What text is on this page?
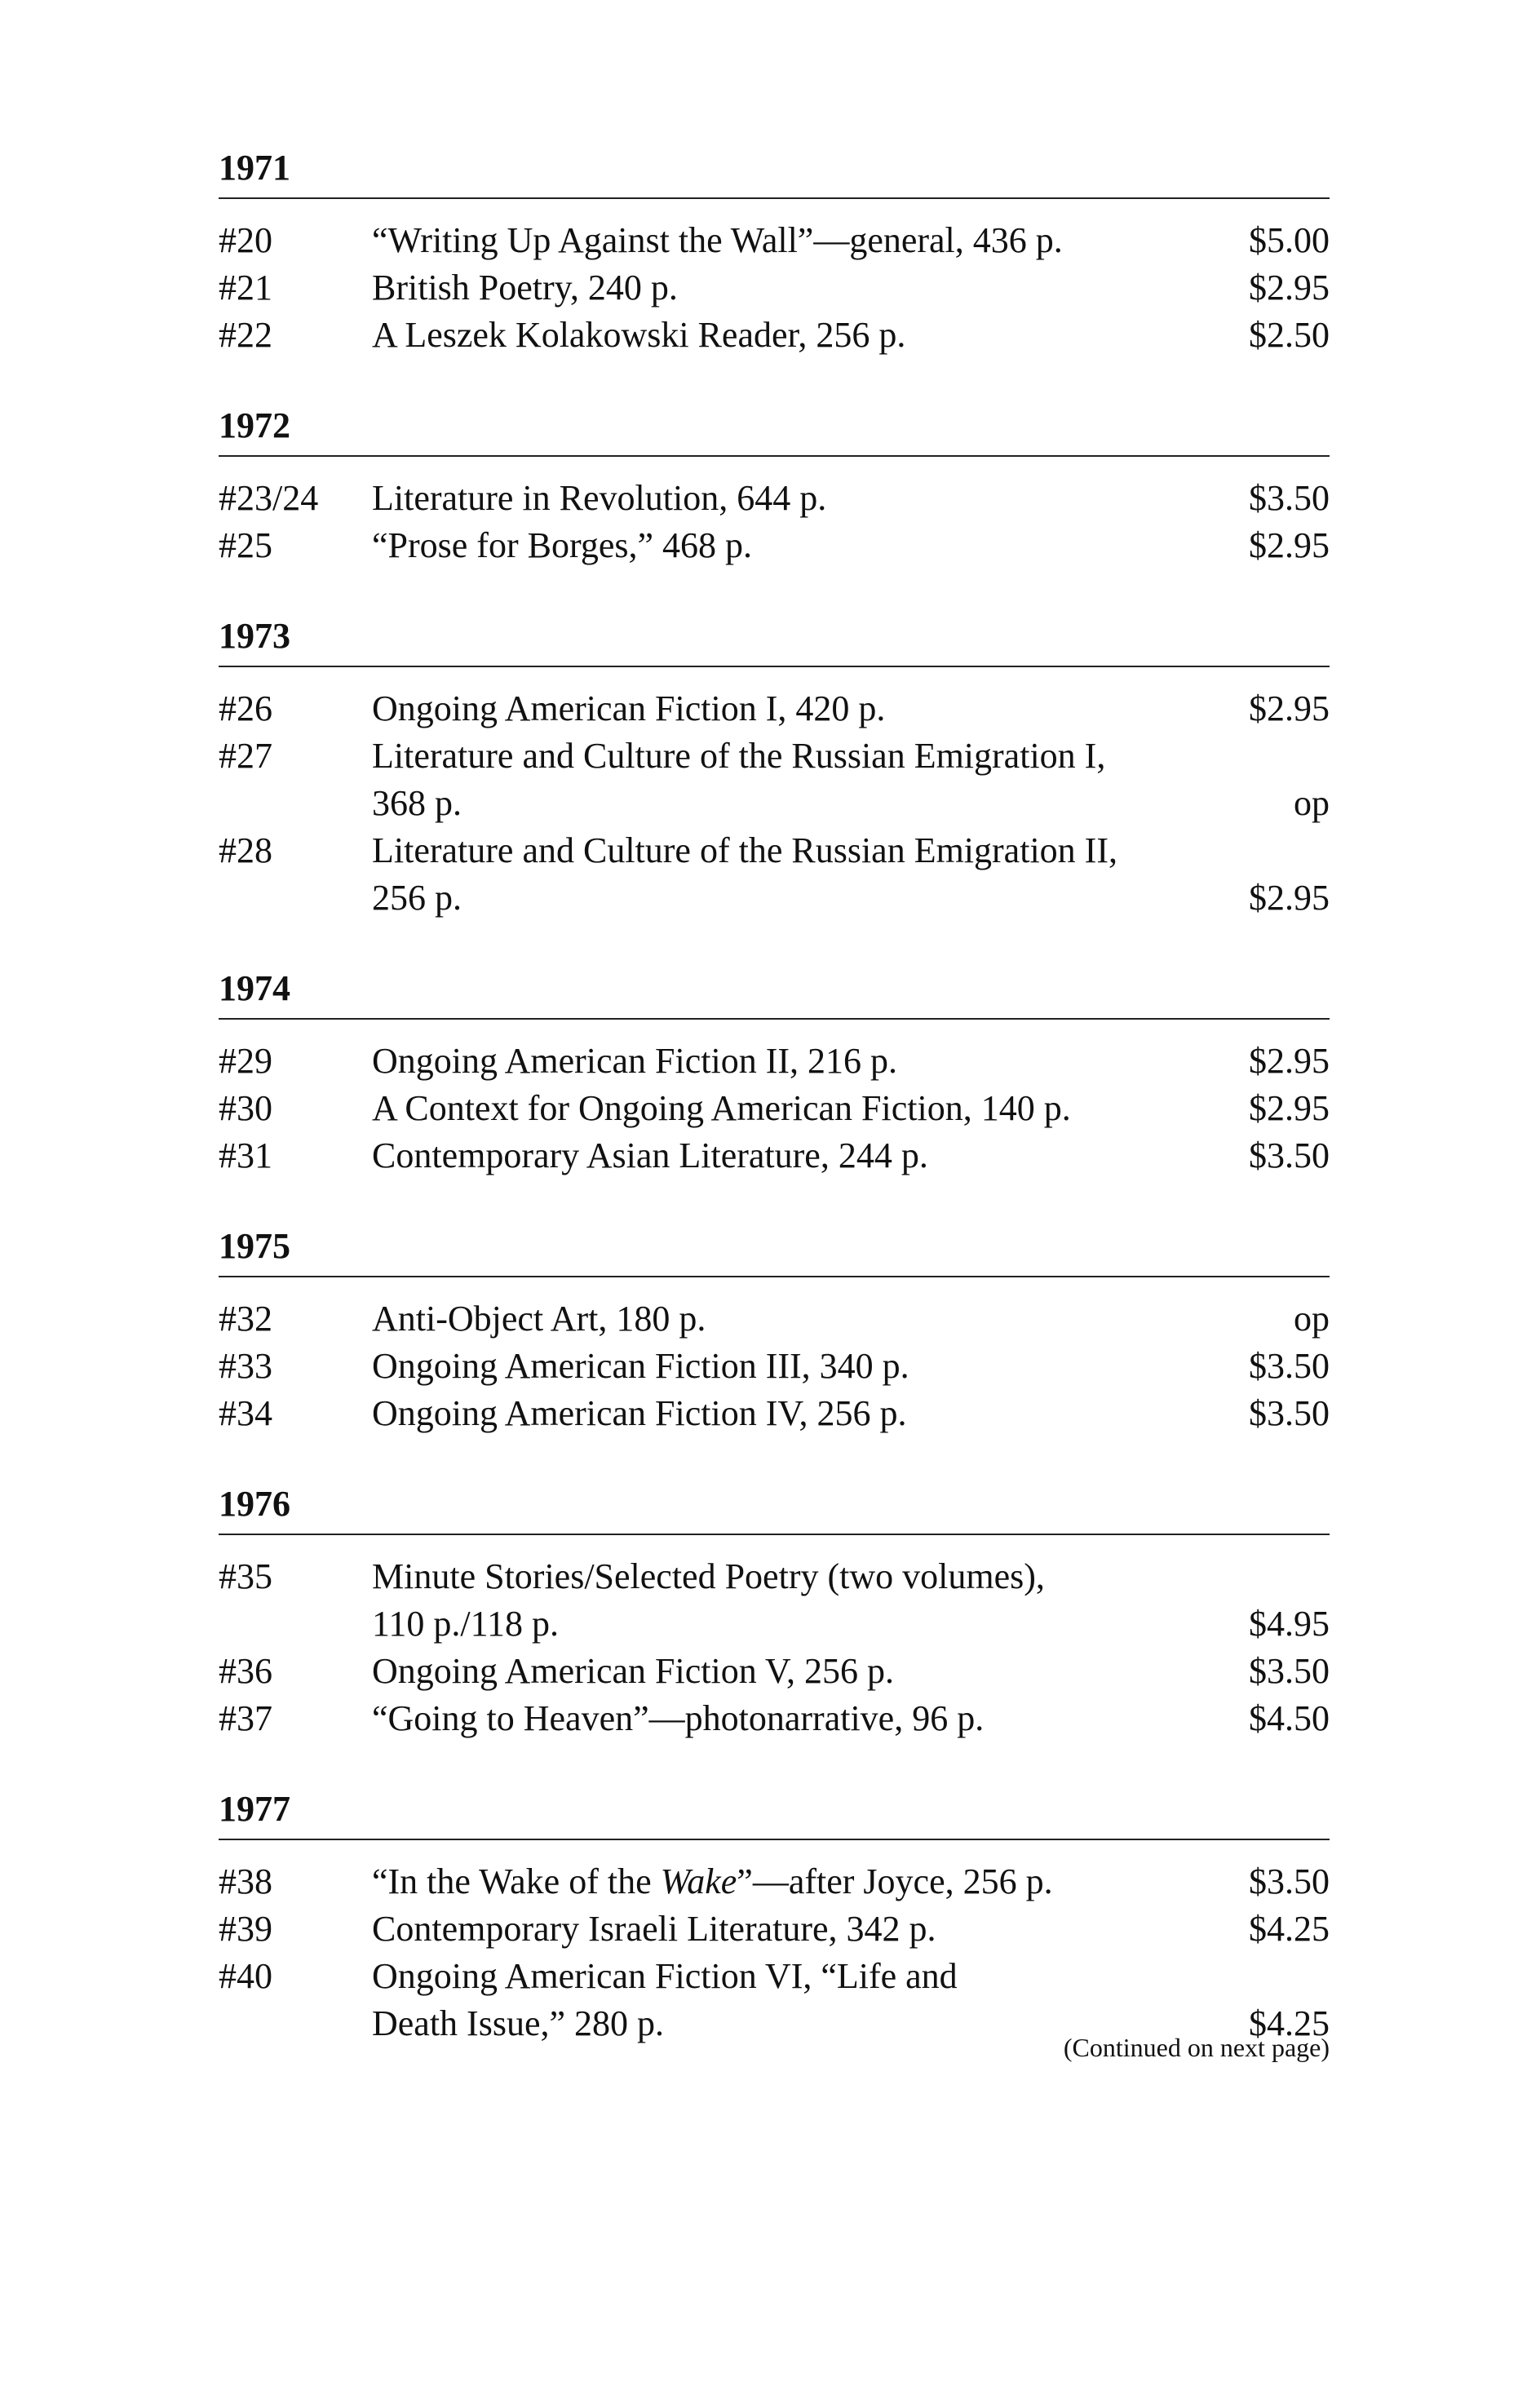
1971
#20	“Writing Up Against the Wall”—general, 436 p.	$5.00
#21	British Poetry, 240 p.	$2.95
#22	A Leszek Kolakowski Reader, 256 p.	$2.50
1972
#23/24	Literature in Revolution, 644 p.	$3.50
#25	“Prose for Borges,” 468 p.	$2.95
1973
#26	Ongoing American Fiction I, 420 p.	$2.95
#27	Literature and Culture of the Russian Emigration I,
368 p.	op
#28	Literature and Culture of the Russian Emigration II,
256 p.	$2.95
1974
#29	Ongoing American Fiction II, 216 p.	$2.95
#30	A Context for Ongoing American Fiction, 140 p.	$2.95
#31	Contemporary Asian Literature, 244 p.	$3.50
1975
#32	Anti-Object Art, 180 p.	op
#33	Ongoing American Fiction III, 340 p.	$3.50
#34	Ongoing American Fiction IV, 256 p.	$3.50
1976
#35	Minute Stories/Selected Poetry (two volumes),
110 p./118 p.	$4.95
#36	Ongoing American Fiction V, 256 p.	$3.50
#37	“Going to Heaven”—photonarrative, 96 p.	$4.50
1977
#38	“In the Wake of the Wake”—after Joyce, 256 p.	$3.50
#39	Contemporary Israeli Literature, 342 p.	$4.25
#40	Ongoing American Fiction VI, “Life and
Death Issue,” 280 p.	$4.25
(Continued on next page)
